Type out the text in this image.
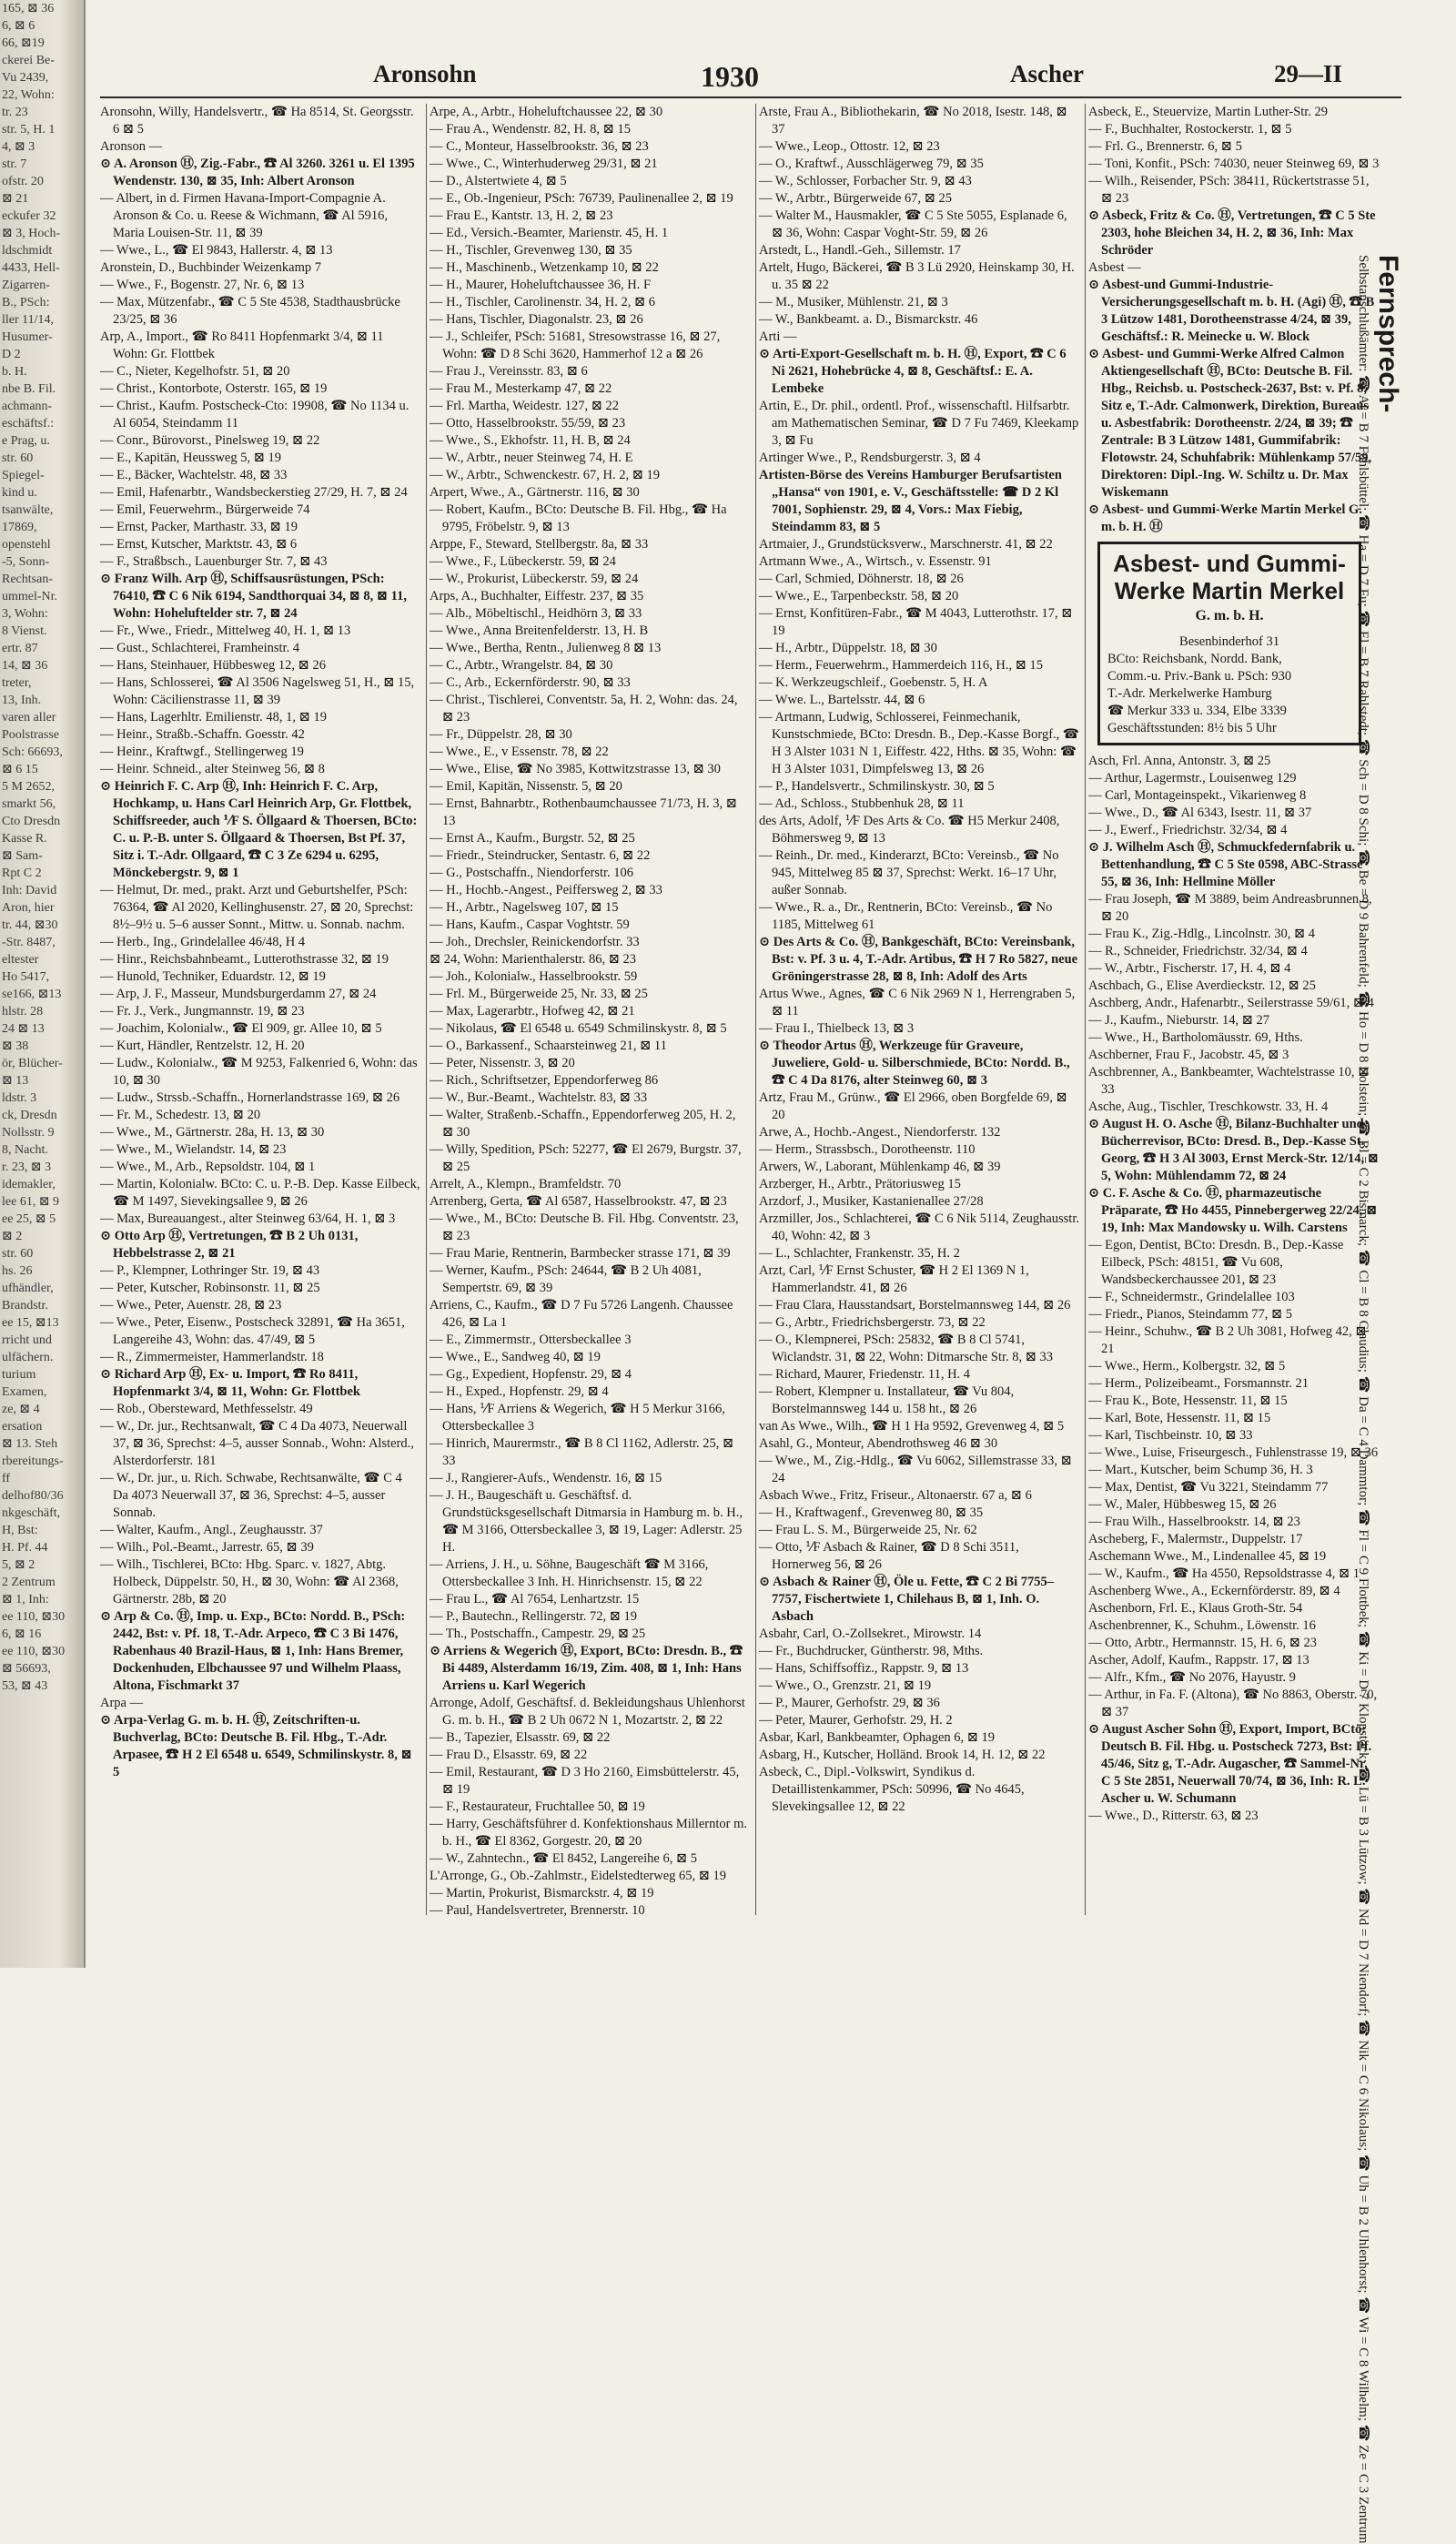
165, ⊠ 36
6, ⊠ 6
66, ⊠19
ckerei Be-
Vu 2439,
22, Wohn:
tr. 23
str. 5, H. 1
4, ⊠ 3
str. 7
ofstr. 20
⊠ 21
eckufer 32
⊠ 3, Hoch-
ldschmidt
4433, Hell-
Zigarren-
B., PSch:
ller 11/14,
Husumer-
D 2
b. H.
nbe B. Fil.
achmann-
eschäftsf.:
e Prag, u.
str. 60
Spiegel-
kind u.
tsanwälte,
17869,
openstehl
-5, Sonn-
Rechtsan-
ummel-Nr.
3, Wohn:
8 Vienst.
ertr. 87
14, ⊠ 36
treter,
13, Inh.
varen aller
Poolstrasse
Sch: 66693,
⊠ 6 15
5 M 2652,
smarkt 56,
Cto Dresdn
Kasse R.
⊠ Sam-
Rpt C 2
Inh: David
Aron, hier
tr. 44, ⊠30
-Str. 8487,
eltester
Ho 5417,
se166, ⊠13
hlstr. 28
24 ⊠ 13
⊠ 38
ör, Blücher-
⊠ 13
ldstr. 3
ck, Dresdn
Nollsstr. 9
8, Nacht.
r. 23, ⊠ 3
idemakler,
lee 61, ⊠ 9
ee 25, ⊠ 5
⊠ 2
str. 60
hs. 26
ufhändler,
Brandstr.
ee 15, ⊠13
rricht und
ulfächern.
turium
Examen,
ze, ⊠ 4
ersation
⊠ 13. Steh
rbereitungs-
ff
delhof80/36
nkgeschäft,
H, Bst:
H. Pf. 44
5, ⊠ 2
2 Zentrum
⊠ 1, Inh:
ee 110, ⊠30
6, ⊠ 16
ee 110, ⊠30
⊠ 56693,
53, ⊠ 43
Aronsohn	1930	Ascher	29—II

Aronsohn, Willy, Handelsvertr., ☎ Ha 8514, St. Georgsstr. 6 ⊠ 5

Aronson —

⊙ A. Aronson Ⓗ, Zig.-Fabr., ☎ Al 3260. 3261 u. El 1395 Wendenstr. 130, ⊠ 35, Inh: Albert Aronson

— Albert, in d. Firmen Havana-Import-Compagnie A. Aronson & Co. u. Reese & Wichmann, ☎ Al 5916, Maria Louisen-Str. 11, ⊠ 39

— Wwe., L., ☎ El 9843, Hallerstr. 4, ⊠ 13

Aronstein, D., Buchbinder Weizenkamp 7

— Wwe., F., Bogenstr. 27, Nr. 6, ⊠ 13

— Max, Mützenfabr., ☎ C 5 Ste 4538, Stadthausbrücke 23/25, ⊠ 36

Arp, A., Import., ☎ Ro 8411 Hopfenmarkt 3/4, ⊠ 11 Wohn: Gr. Flottbek

— C., Nieter, Kegelhofstr. 51, ⊠ 20

— Christ., Kontorbote, Osterstr. 165, ⊠ 19

— Christ., Kaufm. Postscheck-Cto: 19908, ☎ No 1134 u. Al 6054, Steindamm 11

— Conr., Bürovorst., Pinelsweg 19, ⊠ 22

— E., Kapitän, Heussweg 5, ⊠ 19

— E., Bäcker, Wachtelstr. 48, ⊠ 33

— Emil, Hafenarbtr., Wandsbeckerstieg 27/29, H. 7, ⊠ 24

— Emil, Feuerwehrm., Bürgerweide 74

— Ernst, Packer, Marthastr. 33, ⊠ 19

— Ernst, Kutscher, Marktstr. 43, ⊠ 6

— F., Straßbsch., Lauenburger Str. 7, ⊠ 43

⊙ Franz Wilh. Arp Ⓗ, Schiffsausrüstungen, PSch: 76410, ☎ C 6 Nik 6194, Sandthorquai 34, ⊠ 8, ⊠ 11, Wohn: Hoheluftelder str. 7, ⊠ 24

— Fr., Wwe., Friedr., Mittelweg 40, H. 1, ⊠ 13

— Gust., Schlachterei, Framheinstr. 4

— Hans, Steinhauer, Hübbesweg 12, ⊠ 26

— Hans, Schlosserei, ☎ Al 3506 Nagelsweg 51, H., ⊠ 15, Wohn: Cäcilienstrasse 11, ⊠ 39

— Hans, Lagerhltr. Emilienstr. 48, 1, ⊠ 19

— Heinr., Straßb.-Schaffn. Goesstr. 42

— Heinr., Kraftwgf., Stellingerweg 19

— Heinr. Schneid., alter Steinweg 56, ⊠ 8

⊙ Heinrich F. C. Arp Ⓗ, Inh: Heinrich F. C. Arp, Hochkamp, u. Hans Carl Heinrich Arp, Gr. Flottbek, Schiffsreeder, auch ⅟F S. Öllgaard & Thoersen, BCto: C. u. P.-B. unter S. Öllgaard & Thoersen, Bst Pf. 37, Sitz i. T.-Adr. Ollgaard, ☎ C 3 Ze 6294 u. 6295, Mönckebergstr. 9, ⊠ 1

— Helmut, Dr. med., prakt. Arzt und Geburtshelfer, PSch: 76364, ☎ Al 2020, Kellinghusenstr. 27, ⊠ 20, Sprechst: 8½–9½ u. 5–6 ausser Sonnt., Mittw. u. Sonnab. nachm.

— Herb., Ing., Grindelallee 46/48, H 4

— Hinr., Reichsbahnbeamt., Lutterothstrasse 32, ⊠ 19

— Hunold, Techniker, Eduardstr. 12, ⊠ 19

— Arp, J. F., Masseur, Mundsburgerdamm 27, ⊠ 24

— Fr. J., Verk., Jungmannstr. 19, ⊠ 23

— Joachim, Kolonialw., ☎ El 909, gr. Allee 10, ⊠ 5

— Kurt, Händler, Rentzelstr. 12, H. 20

— Ludw., Kolonialw., ☎ M 9253, Falkenried 6, Wohn: das 10, ⊠ 30

— Ludw., Strssb.-Schaffn., Hornerlandstrasse 169, ⊠ 26

— Fr. M., Schedestr. 13, ⊠ 20

— Wwe., M., Gärtnerstr. 28a, H. 13, ⊠ 30

— Wwe., M., Wielandstr. 14, ⊠ 23

— Wwe., M., Arb., Repsoldstr. 104, ⊠ 1

— Martin, Kolonialw. BCto: C. u. P.-B. Dep. Kasse Eilbeck, ☎ M 1497, Sievekingsallee 9, ⊠ 26

— Max, Bureauangest., alter Steinweg 63/64, H. 1, ⊠ 3

⊙ Otto Arp Ⓗ, Vertretungen, ☎ B 2 Uh 0131, Hebbelstrasse 2, ⊠ 21

— P., Klempner, Lothringer Str. 19, ⊠ 43

— Peter, Kutscher, Robinsonstr. 11, ⊠ 25

— Wwe., Peter, Auenstr. 28, ⊠ 23

— Wwe., Peter, Eisenw., Postscheck 32891, ☎ Ha 3651, Langereihe 43, Wohn: das. 47/49, ⊠ 5

— R., Zimmermeister, Hammerlandstr. 18

⊙ Richard Arp Ⓗ, Ex- u. Import, ☎ Ro 8411, Hopfenmarkt 3/4, ⊠ 11, Wohn: Gr. Flottbek

— Rob., Obersteward, Methfesselstr. 49

— W., Dr. jur., Rechtsanwalt, ☎ C 4 Da 4073, Neuerwall 37, ⊠ 36, Sprechst: 4–5, ausser Sonnab., Wohn: Alsterd., Alsterdorferstr. 181

— W., Dr. jur., u. Rich. Schwabe, Rechtsanwälte, ☎ C 4 Da 4073 Neuerwall 37, ⊠ 36, Sprechst: 4–5, ausser Sonnab.

— Walter, Kaufm., Angl., Zeughausstr. 37

— Wilh., Pol.-Beamt., Jarrestr. 65, ⊠ 39

— Wilh., Tischlerei, BCto: Hbg. Sparc. v. 1827, Abtg. Holbeck, Düppelstr. 50, H., ⊠ 30, Wohn: ☎ Al 2368, Gärtnerstr. 28b, ⊠ 20

⊙ Arp & Co. Ⓗ, Imp. u. Exp., BCto: Nordd. B., PSch: 2442, Bst: v. Pf. 18, T.-Adr. Arpeco, ☎ C 3 Bi 1476, Rabenhaus 40 Brazil-Haus, ⊠ 1, Inh: Hans Bremer, Dockenhuden, Elbchaussee 97 und Wilhelm Plaass, Altona, Fischmarkt 37

Arpa —

⊙ Arpa-Verlag G. m. b. H. Ⓗ, Zeitschriften-u. Buchverlag, BCto: Deutsche B. Fil. Hbg., T.-Adr. Arpasee, ☎ H 2 El 6548 u. 6549, Schmilinskystr. 8, ⊠ 5

Arpe, A., Arbtr., Hoheluftchaussee 22, ⊠ 30

— Frau A., Wendenstr. 82, H. 8, ⊠ 15

— C., Monteur, Hasselbrookstr. 36, ⊠ 23

— Wwe., C., Winterhuderweg 29/31, ⊠ 21

— D., Alstertwiete 4, ⊠ 5

— E., Ob.-Ingenieur, PSch: 76739, Paulinenallee 2, ⊠ 19

— Frau E., Kantstr. 13, H. 2, ⊠ 23

— Ed., Versich.-Beamter, Marienstr. 45, H. 1

— H., Tischler, Grevenweg 130, ⊠ 35

— H., Maschinenb., Wetzenkamp 10, ⊠ 22

— H., Maurer, Hoheluftchaussee 36, H. F

— H., Tischler, Carolinenstr. 34, H. 2, ⊠ 6

— Hans, Tischler, Diagonalstr. 23, ⊠ 26

— J., Schleifer, PSch: 51681, Stresowstrasse 16, ⊠ 27, Wohn: ☎ D 8 Schi 3620, Hammerhof 12 a ⊠ 26

— Frau J., Vereinsstr. 83, ⊠ 6

— Frau M., Mesterkamp 47, ⊠ 22

— Frl. Martha, Weidestr. 127, ⊠ 22

— Otto, Hasselbrookstr. 55/59, ⊠ 23

— Wwe., S., Ekhofstr. 11, H. B, ⊠ 24

— W., Arbtr., neuer Steinweg 74, H. E

— W., Arbtr., Schwenckestr. 67, H. 2, ⊠ 19

Arpert, Wwe., A., Gärtnerstr. 116, ⊠ 30

— Robert, Kaufm., BCto: Deutsche B. Fil. Hbg., ☎ Ha 9795, Fröbelstr. 9, ⊠ 13

Arppe, F., Steward, Stellbergstr. 8a, ⊠ 33

— Wwe., F., Lübeckerstr. 59, ⊠ 24

— W., Prokurist, Lübeckerstr. 59, ⊠ 24

Arps, A., Buchhalter, Eiffestr. 237, ⊠ 35

— Alb., Möbeltischl., Heidhörn 3, ⊠ 33

— Wwe., Anna Breitenfelderstr. 13, H. B

— Wwe., Bertha, Rentn., Julienweg 8 ⊠ 13

— C., Arbtr., Wrangelstr. 84, ⊠ 30

— C., Arb., Eckernförderstr. 90, ⊠ 33

— Christ., Tischlerei, Conventstr. 5a, H. 2, Wohn: das. 24, ⊠ 23

— Fr., Düppelstr. 28, ⊠ 30

— Wwe., E., v Essenstr. 78, ⊠ 22

— Wwe., Elise, ☎ No 3985, Kottwitzstrasse 13, ⊠ 30

— Emil, Kapitän, Nissenstr. 5, ⊠ 20

— Ernst, Bahnarbtr., Rothenbaumchaussee 71/73, H. 3, ⊠ 13

— Ernst A., Kaufm., Burgstr. 52, ⊠ 25

— Friedr., Steindrucker, Sentastr. 6, ⊠ 22

— G., Postschaffn., Niendorferstr. 106

— H., Hochb.-Angest., Peiffersweg 2, ⊠ 33

— H., Arbtr., Nagelsweg 107, ⊠ 15

— Hans, Kaufm., Caspar Voghtstr. 59

— Joh., Drechsler, Reinickendorfstr. 33

⊠ 24, Wohn: Marienthalerstr. 86, ⊠ 23

— Joh., Kolonialw., Hasselbrookstr. 59

— Frl. M., Bürgerweide 25, Nr. 33, ⊠ 25

— Max, Lagerarbtr., Hofweg 42, ⊠ 21

— Nikolaus, ☎ El 6548 u. 6549 Schmilinskystr. 8, ⊠ 5

— O., Barkassenf., Schaarsteinweg 21, ⊠ 11

— Peter, Nissenstr. 3, ⊠ 20

— Rich., Schriftsetzer, Eppendorferweg 86

— W., Bur.-Beamt., Wachtelstr. 83, ⊠ 33

— Walter, Straßenb.-Schaffn., Eppendorferweg 205, H. 2, ⊠ 30

— Willy, Spedition, PSch: 52277, ☎ El 2679, Burgstr. 37, ⊠ 25

Arrelt, A., Klempn., Bramfeldstr. 70

Arrenberg, Gerta, ☎ Al 6587, Hasselbrookstr. 47, ⊠ 23

— Wwe., M., BCto: Deutsche B. Fil. Hbg. Conventstr. 23, ⊠ 23

— Frau Marie, Rentnerin, Barmbecker strasse 171, ⊠ 39

— Werner, Kaufm., PSch: 24644, ☎ B 2 Uh 4081, Sempertstr. 69, ⊠ 39

Arriens, C., Kaufm., ☎ D 7 Fu 5726 Langenh. Chaussee 426, ⊠ La 1

— E., Zimmermstr., Ottersbeckallee 3

— Wwe., E., Sandweg 40, ⊠ 19

— Gg., Expedient, Hopfenstr. 29, ⊠ 4

— H., Exped., Hopfenstr. 29, ⊠ 4

— Hans, ⅟F Arriens & Wegerich, ☎ H 5 Merkur 3166, Ottersbeckallee 3

— Hinrich, Maurermstr., ☎ B 8 Cl 1162, Adlerstr. 25, ⊠ 33

— J., Rangierer-Aufs., Wendenstr. 16, ⊠ 15

— J. H., Baugeschäft u. Geschäftsf. d. Grundstücksgesellschaft Ditmarsia in Hamburg m. b. H., ☎ M 3166, Ottersbeckallee 3, ⊠ 19, Lager: Adlerstr. 25 H.

— Arriens, J. H., u. Söhne, Baugeschäft ☎ M 3166, Ottersbeckallee 3 Inh. H. Hinrichsenstr. 15, ⊠ 22

— Frau L., ☎ Al 7654, Lenhartzstr. 15

— P., Bautechn., Rellingerstr. 72, ⊠ 19

— Th., Postschaffn., Campestr. 29, ⊠ 25

⊙ Arriens & Wegerich Ⓗ, Export, BCto: Dresdn. B., ☎ Bi 4489, Alsterdamm 16/19, Zim. 408, ⊠ 1, Inh: Hans Arriens u. Karl Wegerich

Arronge, Adolf, Geschäftsf. d. Bekleidungshaus Uhlenhorst G. m. b. H., ☎ B 2 Uh 0672 N 1, Mozartstr. 2, ⊠ 22

— B., Tapezier, Elsasstr. 69, ⊠ 22

— Frau D., Elsasstr. 69, ⊠ 22

— Emil, Restaurant, ☎ D 3 Ho 2160, Eimsbüttelerstr. 45, ⊠ 19

— F., Restaurateur, Fruchtallee 50, ⊠ 19

— Harry, Geschäftsführer d. Konfektionshaus Millerntor m. b. H., ☎ El 8362, Gorgestr. 20, ⊠ 20

— W., Zahntechn., ☎ El 8452, Langereihe 6, ⊠ 5

L'Arronge, G., Ob.-Zahlmstr., Eidelstedterweg 65, ⊠ 19

— Martin, Prokurist, Bismarckstr. 4, ⊠ 19

— Paul, Handelsvertreter, Brennerstr. 10

Arste, Frau A., Bibliothekarin, ☎ No 2018, Isestr. 148, ⊠ 37

— Wwe., Leop., Ottostr. 12, ⊠ 23

— O., Kraftwf., Ausschlägerweg 79, ⊠ 35

— W., Schlosser, Forbacher Str. 9, ⊠ 43

— W., Arbtr., Bürgerweide 67, ⊠ 25

— Walter M., Hausmakler, ☎ C 5 Ste 5055, Esplanade 6, ⊠ 36, Wohn: Caspar Voght-Str. 59, ⊠ 26

Arstedt, L., Handl.-Geh., Sillemstr. 17

Artelt, Hugo, Bäckerei, ☎ B 3 Lü 2920, Heinskamp 30, H. u. 35 ⊠ 22

— M., Musiker, Mühlenstr. 21, ⊠ 3

— W., Bankbeamt. a. D., Bismarckstr. 46

Arti —

⊙ Arti-Export-Gesellschaft m. b. H. Ⓗ, Export, ☎ C 6 Ni 2621, Hohebrücke 4, ⊠ 8, Geschäftsf.: E. A. Lembeke

Artin, E., Dr. phil., ordentl. Prof., wissenschaftl. Hilfsarbtr. am Mathematischen Seminar, ☎ D 7 Fu 7469, Kleekamp 3, ⊠ Fu

Artinger Wwe., P., Rendsburgerstr. 3, ⊠ 4

Artisten-Börse des Vereins Hamburger Berufsartisten „Hansa“ von 1901, e. V., Geschäftsstelle: ☎ D 2 Kl 7001, Sophienstr. 29, ⊠ 4, Vors.: Max Fiebig, Steindamm 83, ⊠ 5

Artmaier, J., Grundstücksverw., Marschnerstr. 41, ⊠ 22

Artmann Wwe., A., Wirtsch., v. Essenstr. 91

— Carl, Schmied, Döhnerstr. 18, ⊠ 26

— Wwe., E., Tarpenbeckstr. 58, ⊠ 20

— Ernst, Konfitüren-Fabr., ☎ M 4043, Lutterothstr. 17, ⊠ 19

— H., Arbtr., Düppelstr. 18, ⊠ 30

— Herm., Feuerwehrm., Hammerdeich 116, H., ⊠ 15

— K. Werkzeugschleif., Goebenstr. 5, H. A

— Wwe. L., Bartelsstr. 44, ⊠ 6

— Artmann, Ludwig, Schlosserei, Feinmechanik, Kunstschmiede, BCto: Dresdn. B., Dep.-Kasse Borgf., ☎ H 3 Alster 1031 N 1, Eiffestr. 422, Hths. ⊠ 35, Wohn: ☎ H 3 Alster 1031, Dimpfelsweg 13, ⊠ 26

— P., Handelsvertr., Schmilinskystr. 30, ⊠ 5

— Ad., Schloss., Stubbenhuk 28, ⊠ 11

des Arts, Adolf, ⅟F Des Arts & Co. ☎ H5 Merkur 2408, Böhmersweg 9, ⊠ 13

— Reinh., Dr. med., Kinderarzt, BCto: Vereinsb., ☎ No 945, Mittelweg 85 ⊠ 37, Sprechst: Werkt. 16–17 Uhr, außer Sonnab.

— Wwe., R. a., Dr., Rentnerin, BCto: Vereinsb., ☎ No 1185, Mittelweg 61

⊙ Des Arts & Co. Ⓗ, Bankgeschäft, BCto: Vereinsbank, Bst: v. Pf. 3 u. 4, T.-Adr. Artibus, ☎ H 7 Ro 5827, neue Gröningerstrasse 28, ⊠ 8, Inh: Adolf des Arts

Artus Wwe., Agnes, ☎ C 6 Nik 2969 N 1, Herrengraben 5, ⊠ 11

— Frau I., Thielbeck 13, ⊠ 3

⊙ Theodor Artus Ⓗ, Werkzeuge für Graveure, Juweliere, Gold- u. Silberschmiede, BCto: Nordd. B., ☎ C 4 Da 8176, alter Steinweg 60, ⊠ 3

Artz, Frau M., Grünw., ☎ El 2966, oben Borgfelde 69, ⊠ 20

Arwe, A., Hochb.-Angest., Niendorferstr. 132

— Herm., Strassbsch., Dorotheenstr. 110

Arwers, W., Laborant, Mühlenkamp 46, ⊠ 39

Arzberger, H., Arbtr., Prätoriusweg 15

Arzdorf, J., Musiker, Kastanienallee 27/28

Arzmiller, Jos., Schlachterei, ☎ C 6 Nik 5114, Zeughausstr. 40, Wohn: 42, ⊠ 3

— L., Schlachter, Frankenstr. 35, H. 2

Arzt, Carl, ⅟F Ernst Schuster, ☎ H 2 El 1369 N 1, Hammerlandstr. 41, ⊠ 26

— Frau Clara, Hausstandsart, Borstelmannsweg 144, ⊠ 26

— G., Arbtr., Friedrichsbergerstr. 73, ⊠ 22

— O., Klempnerei, PSch: 25832, ☎ B 8 Cl 5741, Wiclandstr. 31, ⊠ 22, Wohn: Ditmarsche Str. 8, ⊠ 33

— Richard, Maurer, Friedenstr. 11, H. 4

— Robert, Klempner u. Installateur, ☎ Vu 804, Borstelmannsweg 144 u. 158 ht., ⊠ 26

van As Wwe., Wilh., ☎ H 1 Ha 9592, Grevenweg 4, ⊠ 5

Asahl, G., Monteur, Abendrothsweg 46 ⊠ 30

— Wwe., M., Zig.-Hdlg., ☎ Vu 6062, Sillemstrasse 33, ⊠ 24

Asbach Wwe., Fritz, Friseur., Altonaerstr. 67 a, ⊠ 6

— H., Kraftwagenf., Grevenweg 80, ⊠ 35

— Frau L. S. M., Bürgerweide 25, Nr. 62

— Otto, ⅟F Asbach & Rainer, ☎ D 8 Schi 3511, Hornerweg 56, ⊠ 26

⊙ Asbach & Rainer Ⓗ, Öle u. Fette, ☎ C 2 Bi 7755–7757, Fischertwiete 1, Chilehaus B, ⊠ 1, Inh. O. Asbach

Asbahr, Carl, O.-Zollsekret., Mirowstr. 14

— Fr., Buchdrucker, Güntherstr. 98, Mths.

— Hans, Schiffsoffiz., Rappstr. 9, ⊠ 13

— Wwe., O., Grenzstr. 21, ⊠ 19

— P., Maurer, Gerhofstr. 29, ⊠ 36

— Peter, Maurer, Gerhofstr. 29, H. 2

Asbar, Karl, Bankbeamter, Ophagen 6, ⊠ 19

Asbarg, H., Kutscher, Holländ. Brook 14, H. 12, ⊠ 22

Asbeck, C., Dipl.-Volkswirt, Syndikus d. Detaillistenkammer, PSch: 50996, ☎ No 4645, Slevekingsallee 12, ⊠ 22

Asbeck, E., Steuervize, Martin Luther-Str. 29

— F., Buchhalter, Rostockerstr. 1, ⊠ 5

— Frl. G., Brennerstr. 6, ⊠ 5

— Toni, Konfit., PSch: 74030, neuer Steinweg 69, ⊠ 3

— Wilh., Reisender, PSch: 38411, Rückertstrasse 51, ⊠ 23

⊙ Asbeck, Fritz & Co. Ⓗ, Vertretungen, ☎ C 5 Ste 2303, hohe Bleichen 34, H. 2, ⊠ 36, Inh: Max Schröder

Asbest —

⊙ Asbest-und Gummi-Industrie-Versicherungsgesellschaft m. b. H. (Agi) Ⓗ, ☎ B 3 Lützow 1481, Dorotheenstrasse 4/24, ⊠ 39, Geschäftsf.: R. Meinecke u. W. Block

⊙ Asbest- und Gummi-Werke Alfred Calmon Aktiengesellschaft Ⓗ, BCto: Deutsche B. Fil. Hbg., Reichsb. u. Postscheck-2637, Bst: v. Pf. 8, Sitz e, T.-Adr. Calmonwerk, Direktion, Bureaus u. Asbestfabrik: Dorotheenstr. 2/24, ⊠ 39; ☎ Zentrale: B 3 Lützow 1481, Gummifabrik: Flotowstr. 24, Schuhfabrik: Mühlenkamp 57/59, Direktoren: Dipl.-Ing. W. Schiltz u. Dr. Max Wiskemann

⊙ Asbest- und Gummi-Werke Martin Merkel G. m. b. H. Ⓗ

Asbest- und Gummi-
Werke Martin Merkel
G. m. b. H.
Besenbinderhof 31
BCto: Reichsbank, Nordd. Bank,
Comm.-u. Priv.-Bank u. PSch: 930
T.-Adr. Merkelwerke Hamburg
☎ Merkur 333 u. 334, Elbe 3339
Geschäftsstunden: 8½ bis 5 Uhr

Asch, Frl. Anna, Antonstr. 3, ⊠ 25

— Arthur, Lagermstr., Louisenweg 129

— Carl, Montageinspekt., Vikarienweg 8

— Wwe., D., ☎ Al 6343, Isestr. 11, ⊠ 37

— J., Ewerf., Friedrichstr. 32/34, ⊠ 4

⊙ J. Wilhelm Asch Ⓗ, Schmuckfedernfabrik u. Bettenhandlung, ☎ C 5 Ste 0598, ABC-Strasse 55, ⊠ 36, Inh: Hellmine Möller

— Frau Joseph, ☎ M 3889, beim Andreasbrunnen 8, ⊠ 20

— Frau K., Zig.-Hdlg., Lincolnstr. 30, ⊠ 4

— R., Schneider, Friedrichstr. 32/34, ⊠ 4

— W., Arbtr., Fischerstr. 17, H. 4, ⊠ 4

Aschbach, G., Elise Averdieckstr. 12, ⊠ 25

Aschberg, Andr., Hafenarbtr., Seilerstrasse 59/61, ⊠ 4

— J., Kaufm., Nieburstr. 14, ⊠ 27

— Wwe., H., Bartholomäusstr. 69, Hths.

Aschberner, Frau F., Jacobstr. 45, ⊠ 3

Aschbrenner, A., Bankbeamter, Wachtelstrasse 10, ⊠ 33

Asche, Aug., Tischler, Treschkowstr. 33, H. 4

⊙ August H. O. Asche Ⓗ, Bilanz-Buchhalter und Bücherrevisor, BCto: Dresd. B., Dep.-Kasse St. Georg, ☎ H 3 Al 3003, Ernst Merck-Str. 12/14, ⊠ 5, Wohn: Mühlendamm 72, ⊠ 24

⊙ C. F. Asche & Co. Ⓗ, pharmazeutische Präparate, ☎ Ho 4455, Pinnebergerweg 22/24, ⊠ 19, Inh: Max Mandowsky u. Wilh. Carstens

— Egon, Dentist, BCto: Dresdn. B., Dep.-Kasse Eilbeck, PSch: 48151, ☎ Vu 608, Wandsbeckerchaussee 201, ⊠ 23

— F., Schneidermstr., Grindelallee 103

— Friedr., Pianos, Steindamm 77, ⊠ 5

— Heinr., Schuhw., ☎ B 2 Uh 3081, Hofweg 42, ⊠ 21

— Wwe., Herm., Kolbergstr. 32, ⊠ 5

— Herm., Polizeibeamt., Forsmannstr. 21

— Frau K., Bote, Hessenstr. 11, ⊠ 15

— Karl, Bote, Hessenstr. 11, ⊠ 15

— Karl, Tischbeinstr. 10, ⊠ 33

— Wwe., Luise, Friseurgesch., Fuhlenstrasse 19, ⊠ 36

— Mart., Kutscher, beim Schump 36, H. 3

— Max, Dentist, ☎ Vu 3221, Steindamm 77

— W., Maler, Hübbesweg 15, ⊠ 26

— Frau Wilh., Hasselbrookstr. 14, ⊠ 23

Ascheberg, F., Malermstr., Duppelstr. 17

Aschemann Wwe., M., Lindenallee 45, ⊠ 19

— W., Kaufm., ☎ Ha 4550, Repsoldstrasse 4, ⊠ 1

Aschenberg Wwe., A., Eckernförderstr. 89, ⊠ 4

Aschenborn, Frl. E., Klaus Groth-Str. 54

Aschenbrenner, K., Schuhm., Löwenstr. 16

— Otto, Arbtr., Hermannstr. 15, H. 6, ⊠ 23

Ascher, Adolf, Kaufm., Rappstr. 17, ⊠ 13

— Alfr., Kfm., ☎ No 2076, Hayustr. 9

— Arthur, in Fa. F. (Altona), ☎ No 8863, Oberstr. 70, ⊠ 37

⊙ August Ascher Sohn Ⓗ, Export, Import, BCto: Deutsch B. Fil. Hbg. u. Postscheck 7273, Bst: Pf. 45/46, Sitz g, T.-Adr. Augascher, ☎ Sammel-Nr. C 5 Ste 2851, Neuerwall 70/74, ⊠ 36, Inh: R. L. Ascher u. W. Schumann

— Wwe., D., Ritterstr. 63, ⊠ 23

Fernsprech- Selbstanschlußämter: ☎ Al = B 7 Fuhlsbüttel; ☎ Ha = D 7 Fu; ☎ El = B 7 Rahlstedt; ☎ Sch = D 8 Schi; ☎ Be = D 9 Bahrenfeld; ☎ Ho = D 8 Holstein; ☎ Bl = C 2 Bismarck; ☎ Cl = B 8 Claudius; ☎ Da = C 4 Dammtor; ☎ Fl = C 9 Flottbek; ☎ Ki = D 7 Klopstock; ☎ Lü = B 3 Lützow; ☎ Nd = D 7 Niendorf; ☎ Nik = C 6 Nikolaus; ☎ Uh = B 2 Uhlenhorst; ☎ Wi = C 8 Wilhelm; ☎ Ze = C 3 Zentrum
